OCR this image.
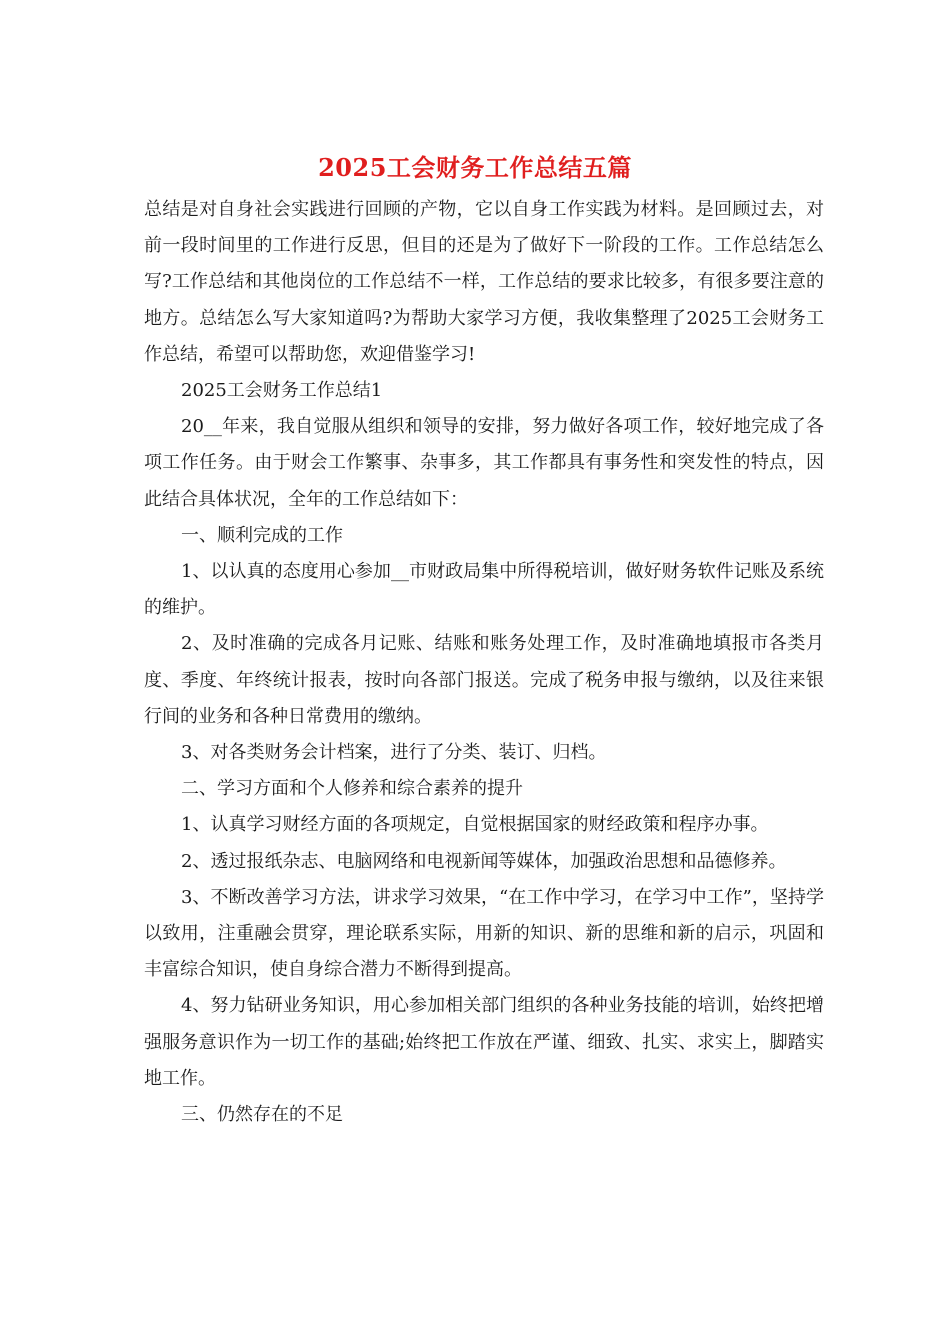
2025工会财务工作总结五篇

总结是对自身社会实践进行回顾的产物，它以自身工作实践为材料。是回顾过去，对前一段时间里的工作进行反思，但目的还是为了做好下一阶段的工作。工作总结怎么写?工作总结和其他岗位的工作总结不一样，工作总结的要求比较多，有很多要注意的地方。总结怎么写大家知道吗?为帮助大家学习方便，我收集整理了2025工会财务工作总结，希望可以帮助您，欢迎借鉴学习!

2025工会财务工作总结1

20__年来，我自觉服从组织和领导的安排，努力做好各项工作，较好地完成了各项工作任务。由于财会工作繁事、杂事多，其工作都具有事务性和突发性的特点，因此结合具体状况，全年的工作总结如下：

一、顺利完成的工作

1、以认真的态度用心参加__市财政局集中所得税培训，做好财务软件记账及系统的维护。

2、及时准确的完成各月记账、结账和账务处理工作，及时准确地填报市各类月度、季度、年终统计报表，按时向各部门报送。完成了税务申报与缴纳，以及往来银行间的业务和各种日常费用的缴纳。

3、对各类财务会计档案，进行了分类、装订、归档。

二、学习方面和个人修养和综合素养的提升

1、认真学习财经方面的各项规定，自觉根据国家的财经政策和程序办事。

2、透过报纸杂志、电脑网络和电视新闻等媒体，加强政治思想和品德修养。

3、不断改善学习方法，讲求学习效果，“在工作中学习，在学习中工作”，坚持学以致用，注重融会贯穿，理论联系实际，用新的知识、新的思维和新的启示，巩固和丰富综合知识，使自身综合潜力不断得到提高。

4、努力钻研业务知识，用心参加相关部门组织的各种业务技能的培训，始终把增强服务意识作为一切工作的基础;始终把工作放在严谨、细致、扎实、求实上，脚踏实地工作。

三、仍然存在的不足
